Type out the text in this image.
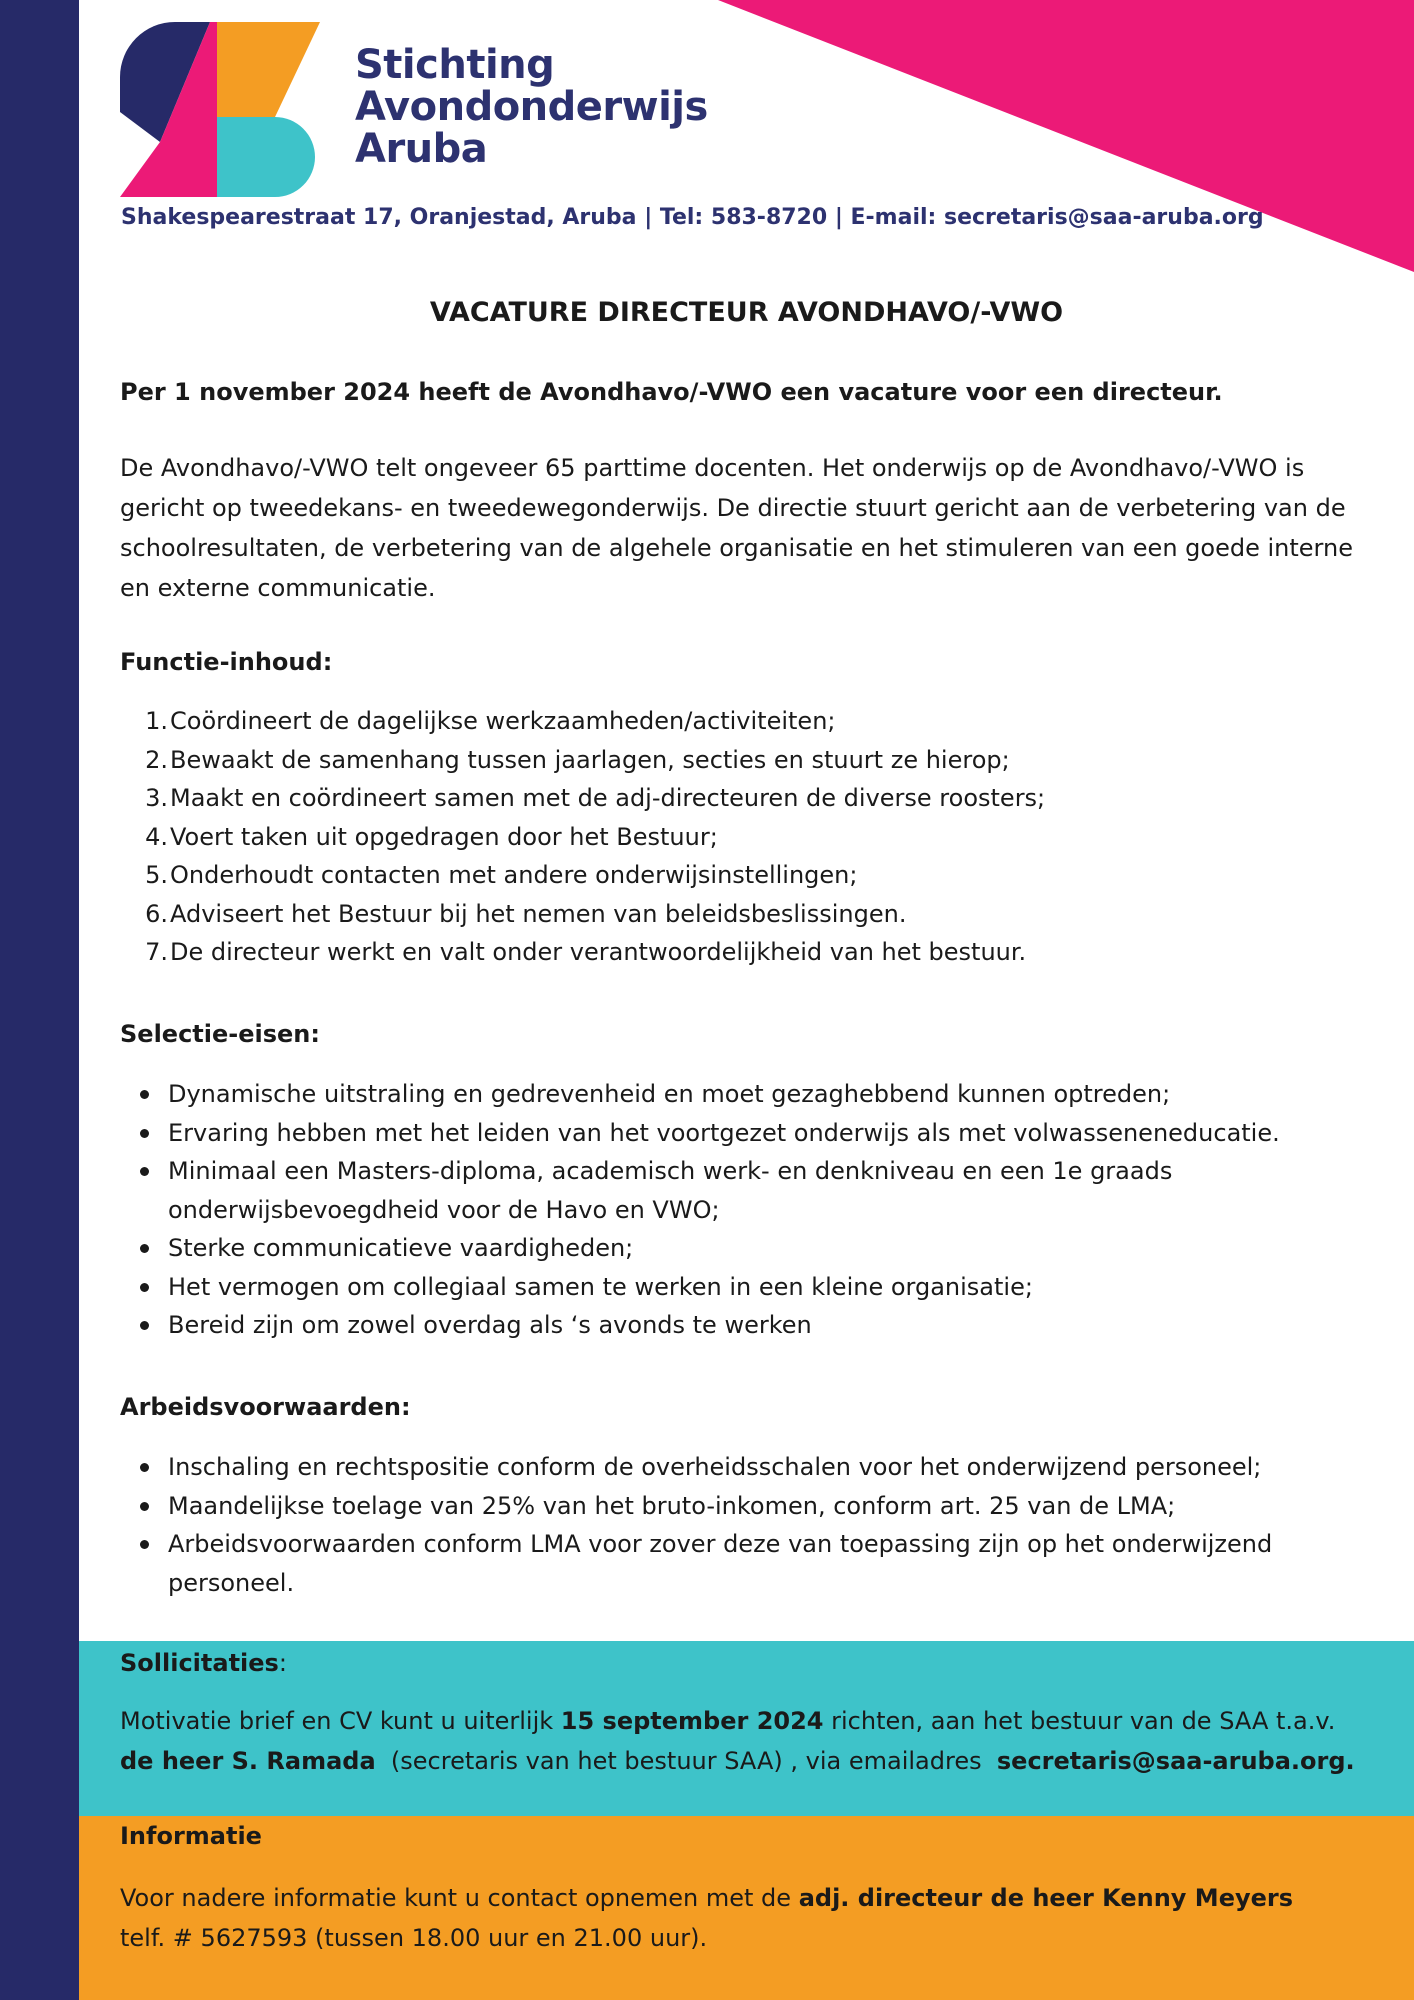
Stichting
Avondonderwijs
Aruba
Shakespearestraat 17, Oranjestad, Aruba | Tel: 583-8720 | E-mail: secretaris@saa-aruba.org
VACATURE DIRECTEUR AVONDHAVO/-VWO
Per 1 november 2024 heeft de Avondhavo/-VWO een vacature voor een directeur.
De Avondhavo/-VWO telt ongeveer 65 parttime docenten. Het onderwijs op de Avondhavo/-VWO is gericht op tweedekans- en tweedewegonderwijs. De directie stuurt gericht aan de verbetering van de schoolresultaten, de verbetering van de algehele organisatie en het stimuleren van een goede interne en externe communicatie.
Functie-inhoud:
1. Coördineert de dagelijkse werkzaamheden/activiteiten;
2. Bewaakt de samenhang tussen jaarlagen, secties en stuurt ze hierop;
3. Maakt en coördineert samen met de adj-directeuren de diverse roosters;
4. Voert taken uit opgedragen door het Bestuur;
5. Onderhoudt contacten met andere onderwijsinstellingen;
6. Adviseert het Bestuur bij het nemen van beleidsbeslissingen.
7. De directeur werkt en valt onder verantwoordelijkheid van het bestuur.
Selectie-eisen:
Dynamische uitstraling en gedrevenheid en moet gezaghebbend kunnen optreden;
Ervaring hebben met het leiden van het voortgezet onderwijs als met volwasseneneducatie.
Minimaal een Masters-diploma, academisch werk- en denkniveau en een 1e graads onderwijsbevoegdheid voor de Havo en VWO;
Sterke communicatieve vaardigheden;
Het vermogen om collegiaal samen te werken in een kleine organisatie;
Bereid zijn om zowel overdag als ‘s avonds te werken
Arbeidsvoorwaarden:
Inschaling en rechtspositie conform de overheidsschalen voor het onderwijzend personeel;
Maandelijkse toelage van 25% van het bruto-inkomen, conform art. 25 van de LMA;
Arbeidsvoorwaarden conform LMA voor zover deze van toepassing zijn op het onderwijzend personeel.
Sollicitaties:
Motivatie brief en CV kunt u uiterlijk 15 september 2024 richten, aan het bestuur van de SAA t.a.v.
de heer S. Ramada  (secretaris van het bestuur SAA) , via emailadres  secretaris@saa-aruba.org.
Informatie
Voor nadere informatie kunt u contact opnemen met de adj. directeur de heer Kenny Meyers
telf. # 5627593 (tussen 18.00 uur en 21.00 uur).
